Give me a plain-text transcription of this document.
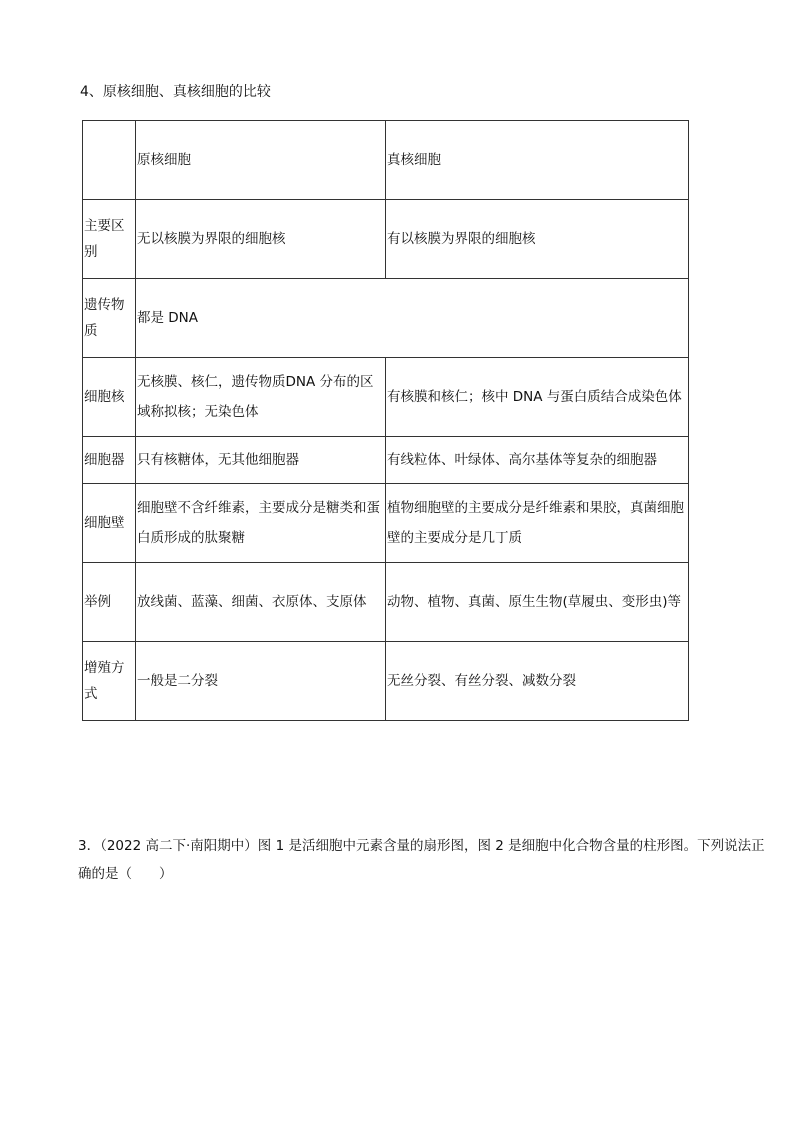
4、原核细胞、真核细胞的比较
	原核细胞	真核细胞
主要区别	无以核膜为界限的细胞核	有以核膜为界限的细胞核
遗传物质	都是 DNA	
细胞核	无核膜、核仁，遗传物质DNA 分布的区域称拟核；无染色体	有核膜和核仁；核中 DNA 与蛋白质结合成染色体
细胞器	只有核糖体，无其他细胞器	有线粒体、叶绿体、高尔基体等复杂的细胞器
细胞壁	细胞壁不含纤维素，主要成分是糖类和蛋白质形成的肽聚糖	植物细胞壁的主要成分是纤维素和果胶，真菌细胞壁的主要成分是几丁质
举例	放线菌、蓝藻、细菌、衣原体、支原体	动物、植物、真菌、原生生物(草履虫、变形虫)等
增殖方式	一般是二分裂	无丝分裂、有丝分裂、减数分裂
3．（2022 高二下·南阳期中）图 1 是活细胞中元素含量的扇形图，图 2 是细胞中化合物含量的柱形图。下列说法正确的是（　　）
